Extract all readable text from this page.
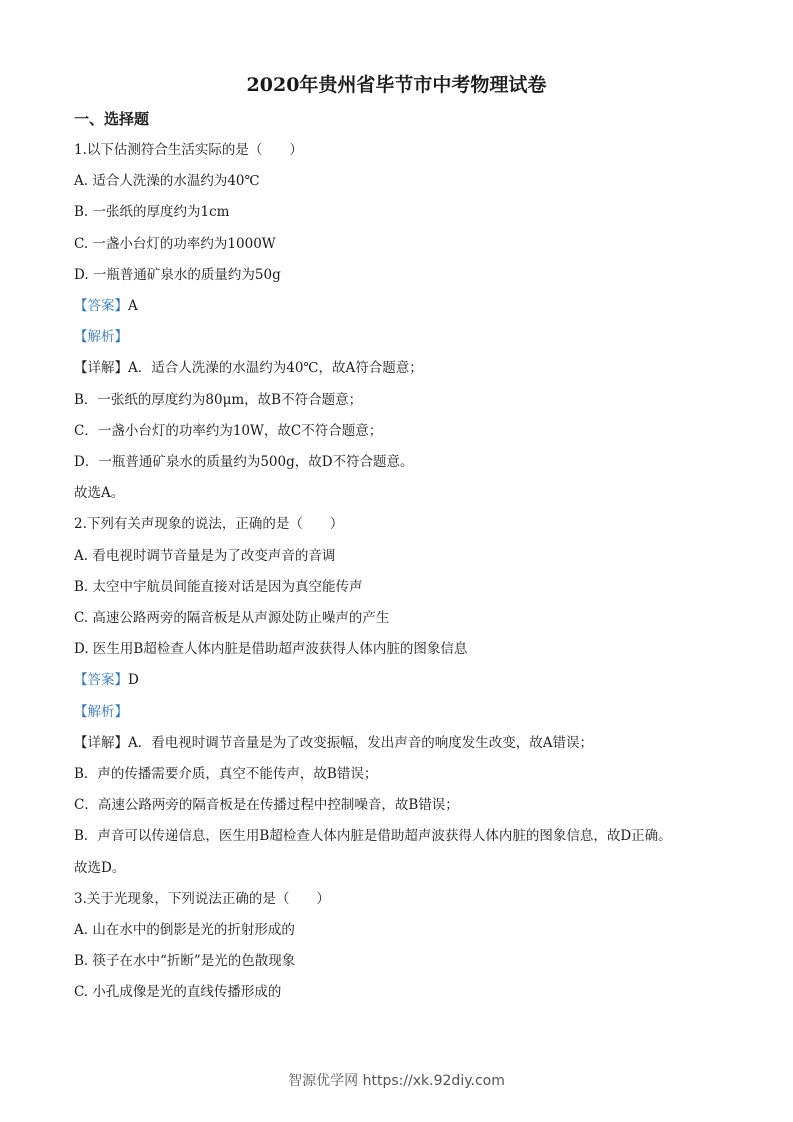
2020年贵州省毕节市中考物理试卷
一、选择题
1.以下估测符合生活实际的是（　　）
A. 适合人洗澡的水温约为40℃
B. 一张纸的厚度约为1cm
C. 一盏小台灯的功率约为1000W
D. 一瓶普通矿泉水的质量约为50g
【答案】A
【解析】
【详解】A．适合人洗澡的水温约为40℃，故A符合题意；
B．一张纸的厚度约为80μm，故B不符合题意；
C．一盏小台灯的功率约为10W，故C不符合题意；
D．一瓶普通矿泉水的质量约为500g，故D不符合题意。
故选A。
2.下列有关声现象的说法，正确的是（　　）
A. 看电视时调节音量是为了改变声音的音调
B. 太空中宇航员间能直接对话是因为真空能传声
C. 高速公路两旁的隔音板是从声源处防止噪声的产生
D. 医生用B超检查人体内脏是借助超声波获得人体内脏的图象信息
【答案】D
【解析】
【详解】A．看电视时调节音量是为了改变振幅，发出声音的响度发生改变，故A错误；
B．声的传播需要介质，真空不能传声，故B错误；
C．高速公路两旁的隔音板是在传播过程中控制噪音，故B错误；
B．声音可以传递信息，医生用B超检查人体内脏是借助超声波获得人体内脏的图象信息，故D正确。
故选D。
3.关于光现象，下列说法正确的是（　　）
A. 山在水中的倒影是光的折射形成的
B. 筷子在水中“折断”是光的色散现象
C. 小孔成像是光的直线传播形成的
智源优学网 https://xk.92diy.com
